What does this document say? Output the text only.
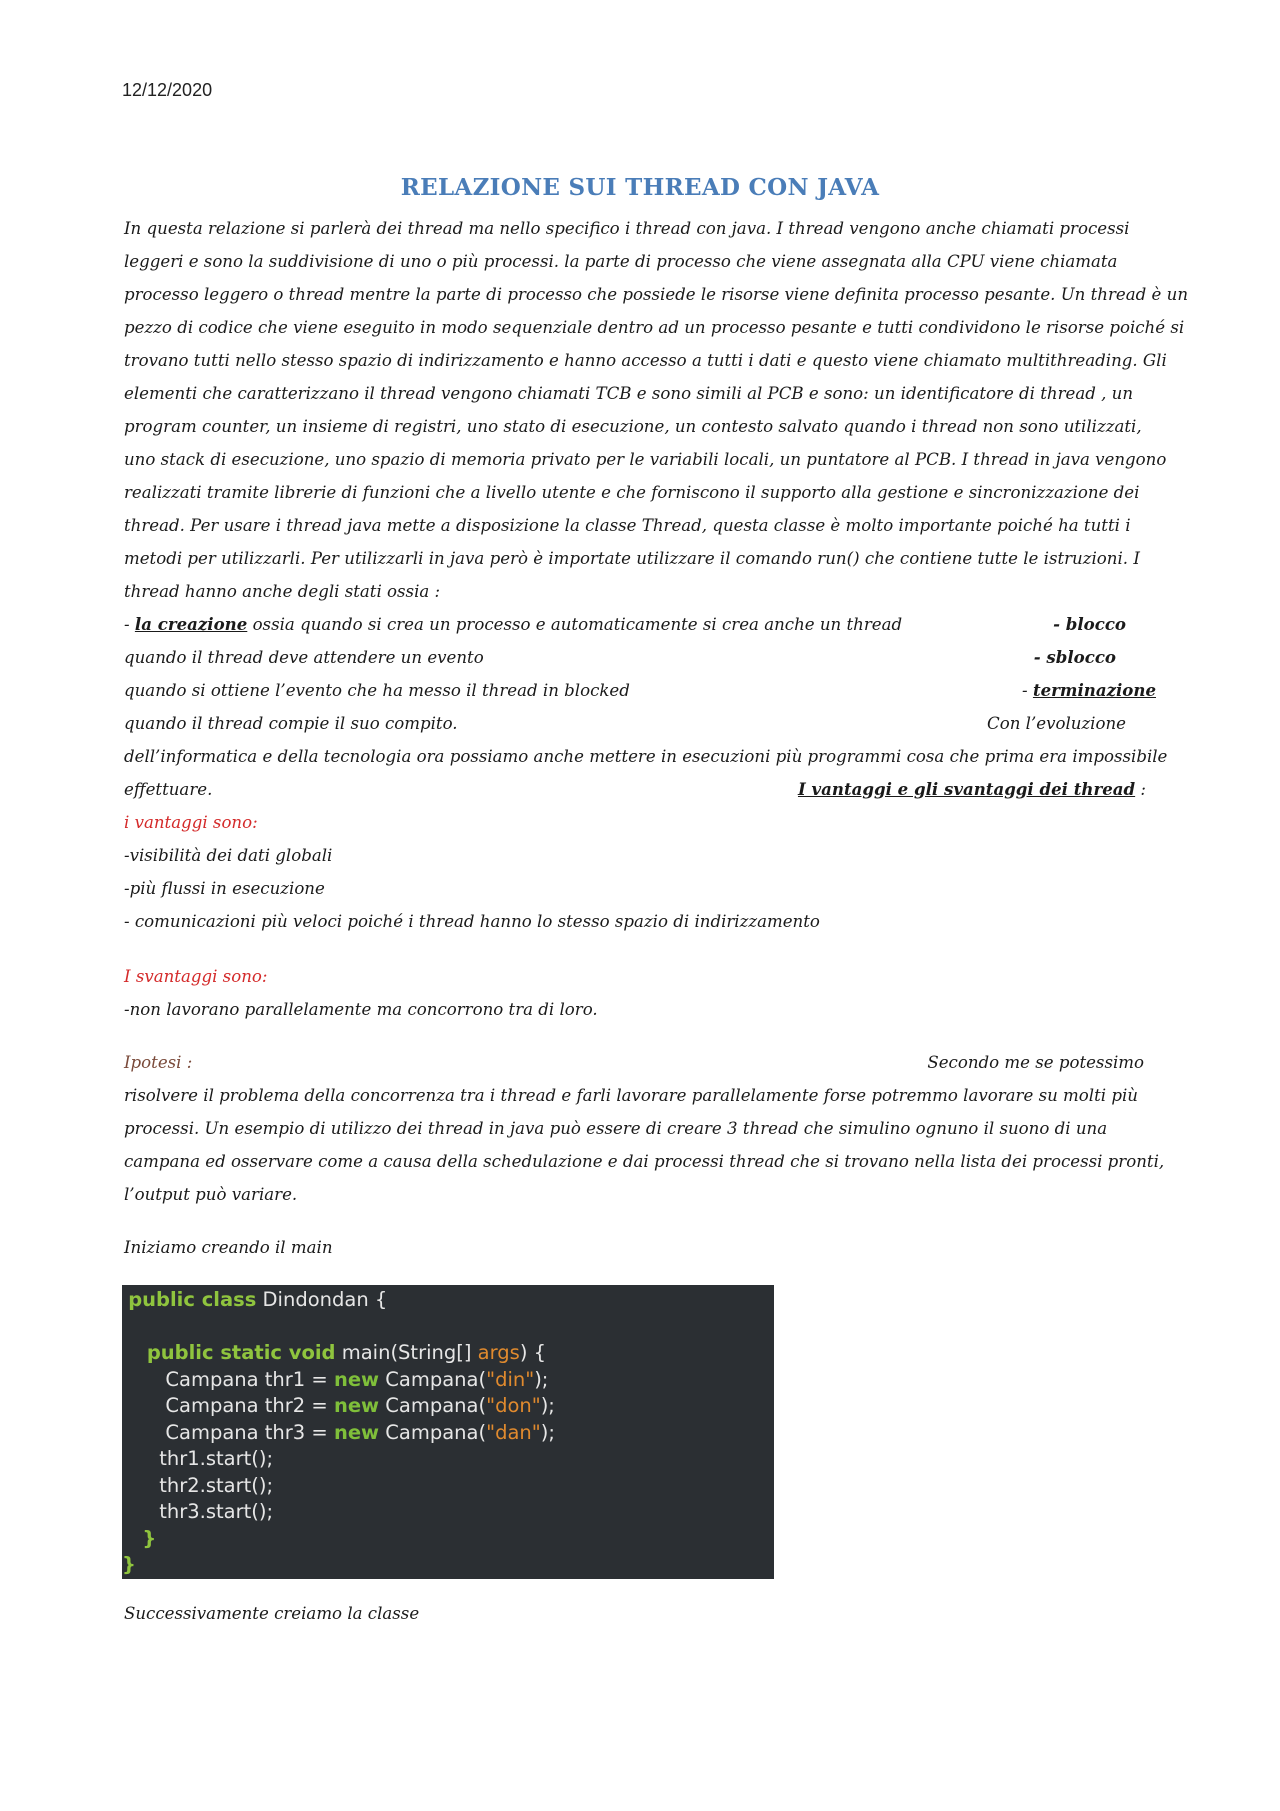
12/12/2020
RELAZIONE SUI THREAD CON JAVA
In questa relazione si parlerà dei thread ma nello specifico i thread con java. I thread vengono anche chiamati processi
leggeri e sono la suddivisione di uno o più processi. la parte di processo che viene assegnata alla CPU viene chiamata
processo leggero o thread mentre la parte di processo che possiede le risorse viene definita processo pesante. Un thread è un
pezzo di codice che viene eseguito in modo sequenziale dentro ad un processo pesante e tutti condividono le risorse poiché si
trovano tutti nello stesso spazio di indirizzamento e hanno accesso a tutti i dati e questo viene chiamato multithreading. Gli
elementi che caratterizzano il thread vengono chiamati TCB e sono simili al PCB e sono: un identificatore di thread , un
program counter, un insieme di registri, uno stato di esecuzione, un contesto salvato quando i thread non sono utilizzati,
uno stack di esecuzione, uno spazio di memoria privato per le variabili locali, un puntatore al PCB. I thread in java vengono
realizzati tramite librerie di funzioni che a livello utente e che forniscono il supporto alla gestione e sincronizzazione dei
thread. Per usare i thread java mette a disposizione la classe Thread, questa classe è molto importante poiché ha tutti i
metodi per utilizzarli. Per utilizzarli in java però è importate utilizzare il comando run() che contiene tutte le istruzioni. I
thread hanno anche degli stati ossia :
- la creazione ossia quando si crea un processo e automaticamente si crea anche un thread	- blocco
quando il thread deve attendere un evento	- sblocco
quando si ottiene l’evento che ha messo il thread in blocked	- terminazione
quando il thread compie il suo compito.	Con l’evoluzione
dell’informatica e della tecnologia ora possiamo anche mettere in esecuzioni più programmi cosa che prima era impossibile
effettuare.	I vantaggi e gli svantaggi dei thread :
i vantaggi sono:
-visibilità dei dati globali
-più flussi in esecuzione
- comunicazioni più veloci poiché i thread hanno lo stesso spazio di indirizzamento
I svantaggi sono:
-non lavorano parallelamente ma concorrono tra di loro.
Ipotesi :	Secondo me se potessimo
risolvere il problema della concorrenza tra i thread e farli lavorare parallelamente forse potremmo lavorare su molti più
processi. Un esempio di utilizzo dei thread in java può essere di creare 3 thread che simulino ognuno il suono di una
campana ed osservare come a causa della schedulazione e dai processi thread che si trovano nella lista dei processi pronti,
l’output può variare.
Iniziamo creando il main
public class Dindondan {

public static void main(String[] args) {
Campana thr1 = new Campana("din");
Campana thr2 = new Campana("don");
Campana thr3 = new Campana("dan");
thr1.start();
thr2.start();
thr3.start();
}
}
Successivamente creiamo la classe
